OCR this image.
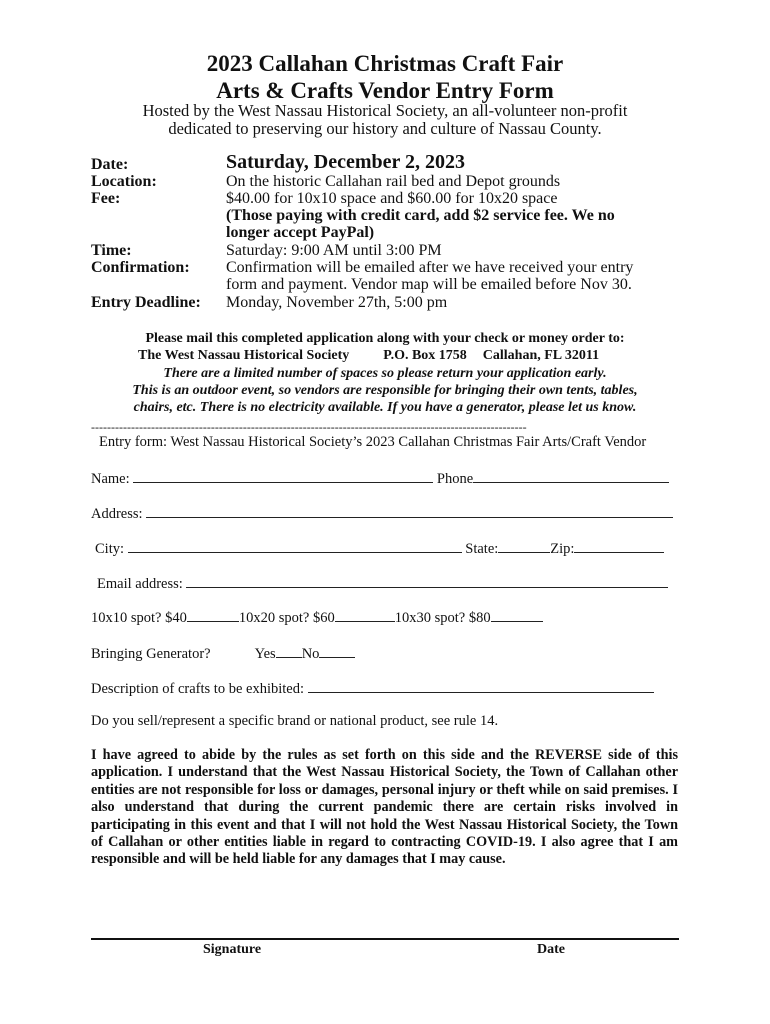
2023 Callahan Christmas Craft Fair
Arts & Crafts Vendor Entry Form
Hosted by the West Nassau Historical Society, an all-volunteer non-profit
dedicated to preserving our history and culture of Nassau County.
Date:	Saturday, December 2, 2023
Location:	On the historic Callahan rail bed and Depot grounds
Fee:	$40.00 for 10x10 space and $60.00 for 10x20 space
(Those paying with credit card, add $2 service fee. We no
longer accept PayPal)
Time:	Saturday: 9:00 AM until 3:00 PM
Confirmation: Confirmation will be emailed after we have received your entry
form and payment. Vendor map will be emailed before Nov 30.
Entry Deadline: Monday, November 27th, 5:00 pm
Please mail this completed application along with your check or money order to:
The West Nassau Historical Society P.O. Box 1758 Callahan, FL 32011
There are a limited number of spaces so please return your application early.
This is an outdoor event, so vendors are responsible for bringing their own tents, tables,
chairs, etc. There is no electricity available. If you have a generator, please let us know.
-------------------------------------------------------------------------------------------------------------
Entry form: West Nassau Historical Society’s 2023 Callahan Christmas Fair Arts/Craft Vendor
Name:	Phone
Address:
City:	State:	Zip:
Email address:
10x10 spot? $40	10x20 spot? $60	10x30 spot? $80
Bringing Generator?	Yes No
Description of crafts to be exhibited:
Do you sell/represent a specific brand or national product, see rule 14.
I have agreed to abide by the rules as set forth on this side and the REVERSE side of this application. I understand that the West Nassau Historical Society, the Town of Callahan other entities are not responsible for loss or damages, personal injury or theft while on said premises. I also understand that during the current pandemic there are certain risks involved in participating in this event and that I will not hold the West Nassau Historical Society, the Town of Callahan or other entities liable in regard to contracting COVID-19. I also agree that I am responsible and will be held liable for any damages that I may cause.
Signature	Date
